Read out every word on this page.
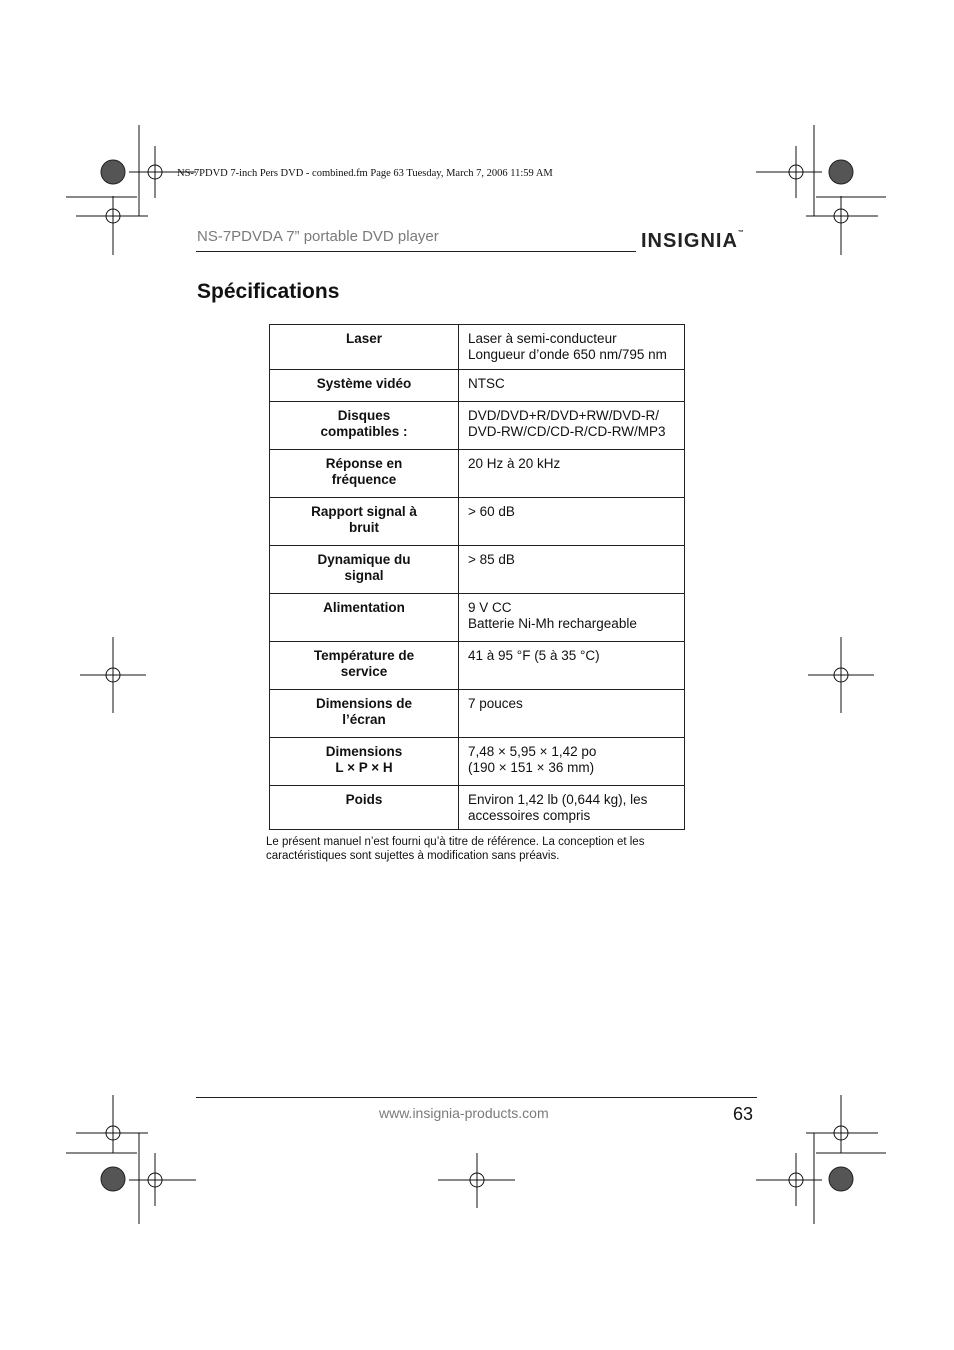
NS-7PDVD 7-inch Pers DVD - combined.fm Page 63 Tuesday, March 7, 2006 11:59 AM
NS-7PDVDA 7” portable DVD player	INSIGNIA™
Spécifications
Laser	Laser à semi-conducteur
Longueur d’onde 650 nm/795 nm

Système vidéo	NTSC

Disques
compatibles :	DVD/DVD+R/DVD+RW/DVD-R/
DVD-RW/CD/CD-R/CD-RW/MP3

Réponse en
fréquence	20 Hz à 20 kHz

Rapport signal à
bruit	> 60 dB

Dynamique du
signal	> 85 dB

Alimentation	9 V CC
Batterie Ni-Mh rechargeable

Température de
service	41 à 95 °F (5 à 35 °C)

Dimensions de
l’écran	7 pouces

Dimensions
L × P × H	7,48 × 5,95 × 1,42 po
(190 × 151 × 36 mm)

Poids	Environ 1,42 lb (0,644 kg), les
accessoires compris

Le présent manuel n’est fourni qu’à titre de référence. La conception et les caractéristiques sont sujettes à modification sans préavis.

www.insignia-products.com	63
